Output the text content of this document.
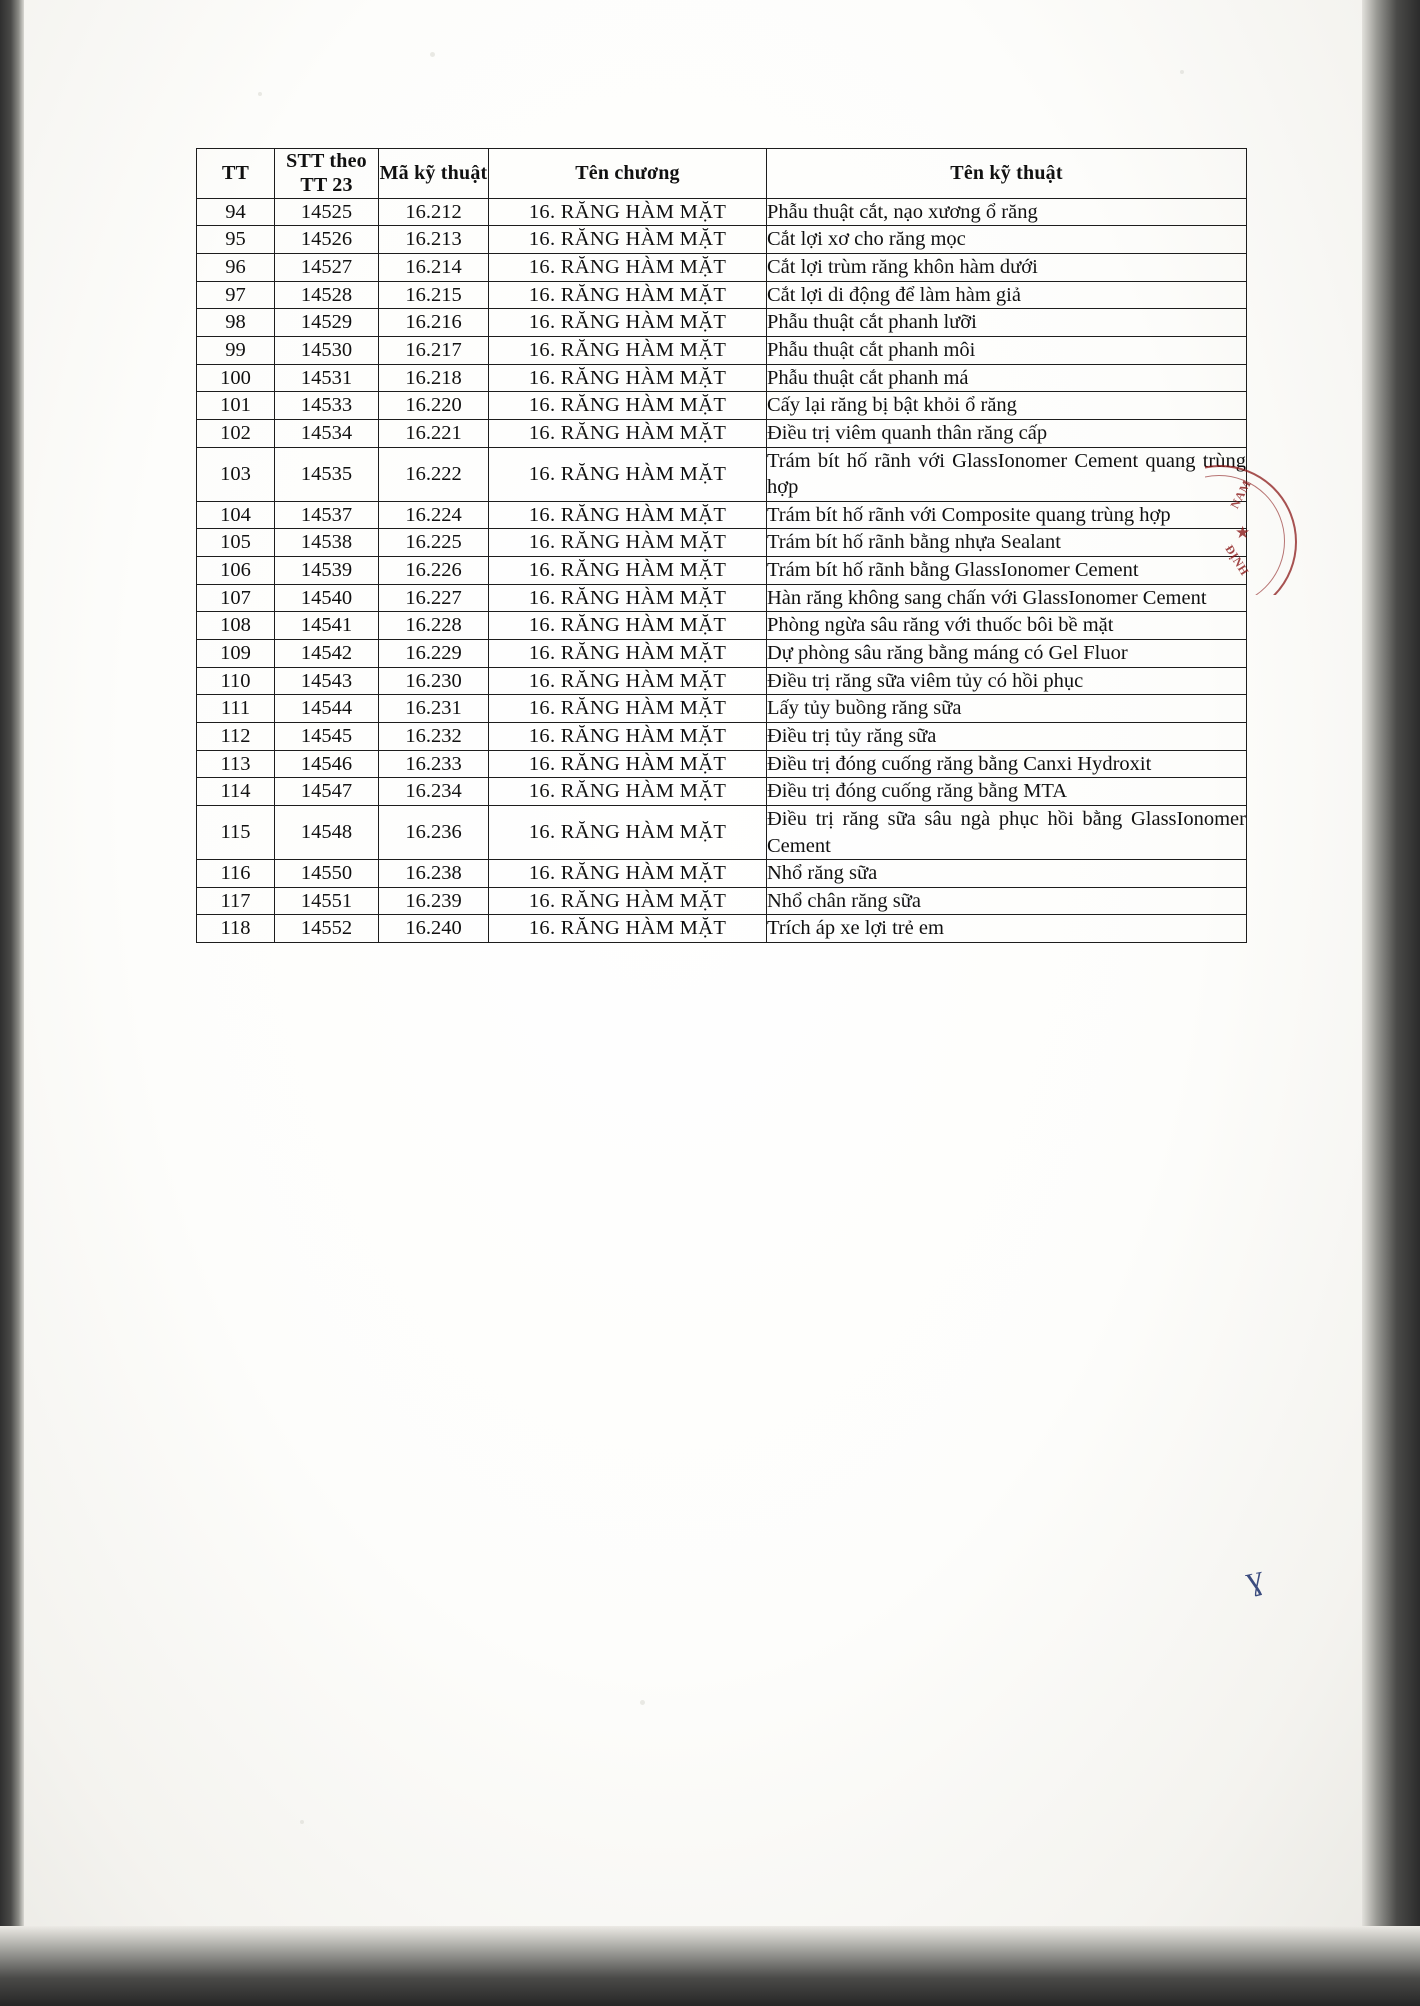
TT	STT theo TT 23	Mã kỹ thuật	Tên chương	Tên kỹ thuật
94	14525	16.212	16. RĂNG HÀM MẶT	Phẫu thuật cắt, nạo xương ổ răng
95	14526	16.213	16. RĂNG HÀM MẶT	Cắt lợi xơ cho răng mọc
96	14527	16.214	16. RĂNG HÀM MẶT	Cắt lợi trùm răng khôn hàm dưới
97	14528	16.215	16. RĂNG HÀM MẶT	Cắt lợi di động để làm hàm giả
98	14529	16.216	16. RĂNG HÀM MẶT	Phẫu thuật cắt phanh lưỡi
99	14530	16.217	16. RĂNG HÀM MẶT	Phẫu thuật cắt phanh môi
100	14531	16.218	16. RĂNG HÀM MẶT	Phẫu thuật cắt phanh má
101	14533	16.220	16. RĂNG HÀM MẶT	Cấy lại răng bị bật khỏi ổ răng
102	14534	16.221	16. RĂNG HÀM MẶT	Điều trị viêm quanh thân răng cấp
103	14535	16.222	16. RĂNG HÀM MẶT	Trám bít hố rãnh với GlassIonomer Cement quang trùng hợp
104	14537	16.224	16. RĂNG HÀM MẶT	Trám bít hố rãnh với Composite quang trùng hợp
105	14538	16.225	16. RĂNG HÀM MẶT	Trám bít hố rãnh bằng nhựa Sealant
106	14539	16.226	16. RĂNG HÀM MẶT	Trám bít hố rãnh bằng GlassIonomer Cement
107	14540	16.227	16. RĂNG HÀM MẶT	Hàn răng không sang chấn với GlassIonomer Cement
108	14541	16.228	16. RĂNG HÀM MẶT	Phòng ngừa sâu răng với thuốc bôi bề mặt
109	14542	16.229	16. RĂNG HÀM MẶT	Dự phòng sâu răng bằng máng có Gel Fluor
110	14543	16.230	16. RĂNG HÀM MẶT	Điều trị răng sữa viêm tủy có hồi phục
111	14544	16.231	16. RĂNG HÀM MẶT	Lấy tủy buồng răng sữa
112	14545	16.232	16. RĂNG HÀM MẶT	Điều trị tủy răng sữa
113	14546	16.233	16. RĂNG HÀM MẶT	Điều trị đóng cuống răng bằng Canxi Hydroxit
114	14547	16.234	16. RĂNG HÀM MẶT	Điều trị đóng cuống răng bằng MTA
115	14548	16.236	16. RĂNG HÀM MẶT	Điều trị răng sữa sâu ngà phục hồi bằng GlassIonomer Cement
116	14550	16.238	16. RĂNG HÀM MẶT	Nhổ răng sữa
117	14551	16.239	16. RĂNG HÀM MẶT	Nhổ chân răng sữa
118	14552	16.240	16. RĂNG HÀM MẶT	Trích áp xe lợi trẻ em
NAM
ĐỊNH
★
ɣ
